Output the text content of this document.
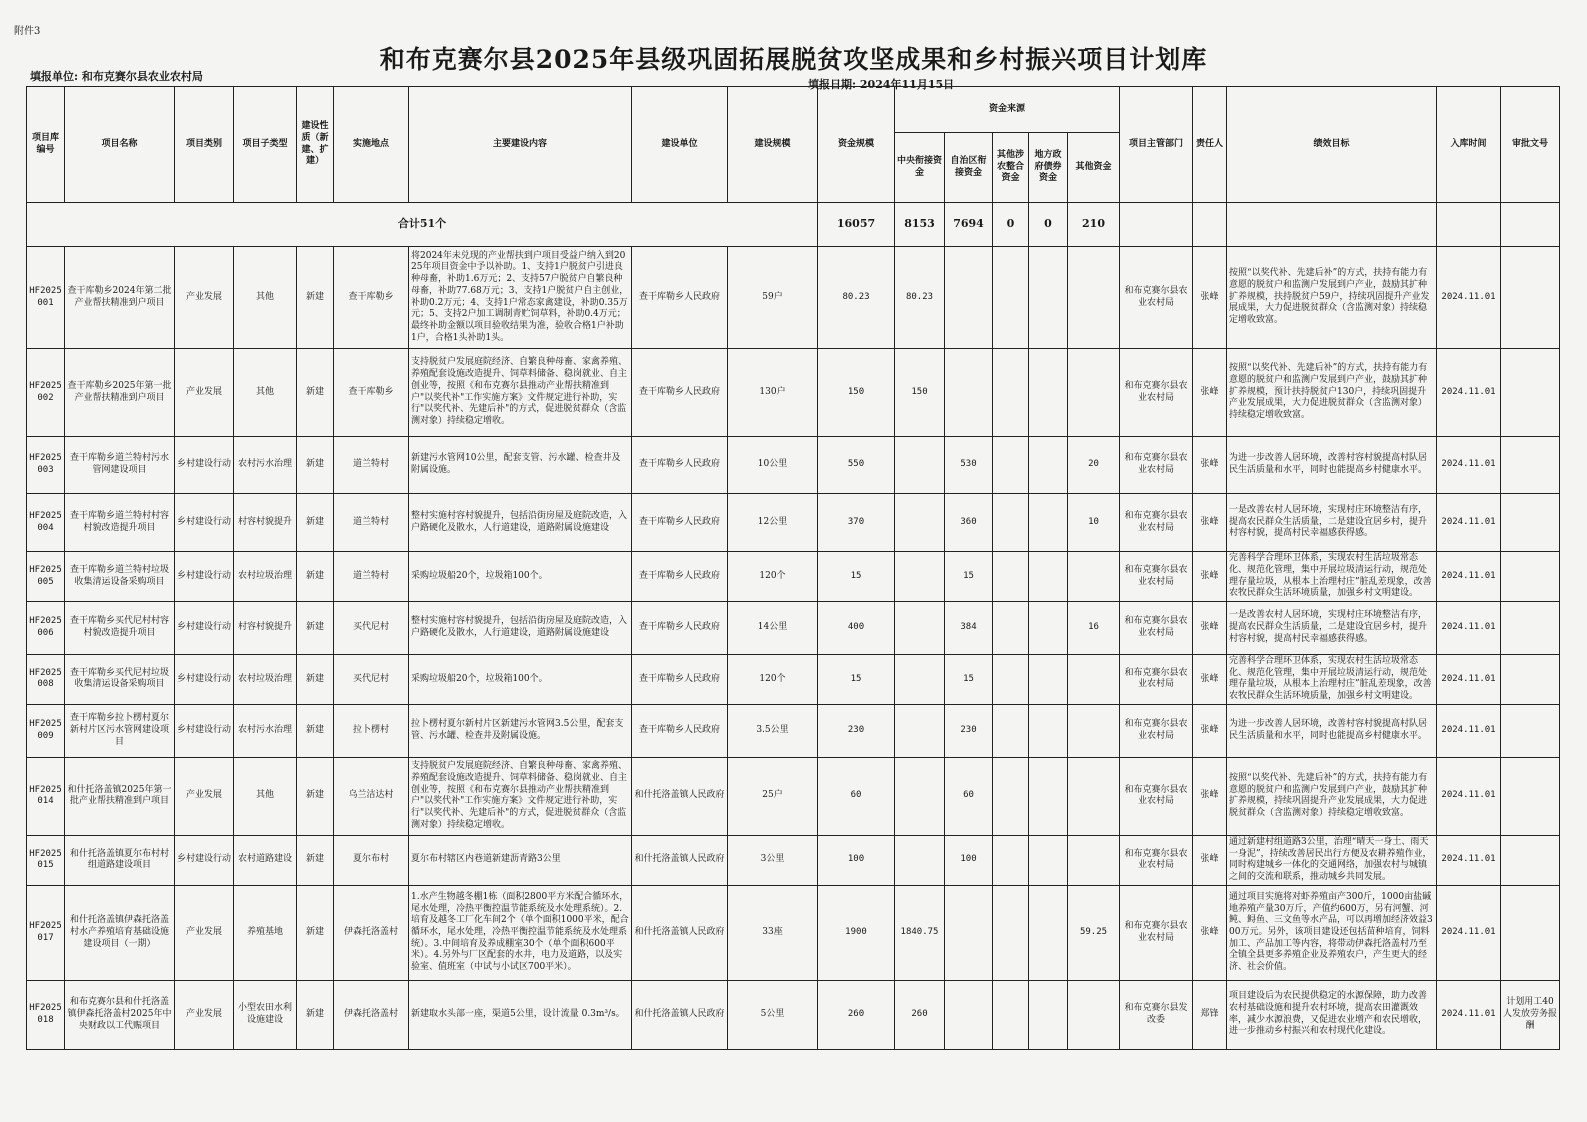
附件3
和布克赛尔县2025年县级巩固拓展脱贫攻坚成果和乡村振兴项目计划库
填报单位: 和布克赛尔县农业农村局
填报日期: 2024年11月15日
项目库编号	项目名称	项目类别	项目子类型	建设性质（新建、扩建）	实施地点	主要建设内容	建设单位	建设规模	资金规模	资金来源					项目主管部门	责任人	绩效目标	入库时间	审批文号
										中央衔接资金	自治区衔接资金	其他涉农整合资金	地方政府债券资金	其他资金					
合计51个									16057	8153	7694	0	0	210					
HF2025001	查干库勒乡2024年第二批产业帮扶精准到户项目	产业发展	其他	新建	查干库勒乡	将2024年未兑现的产业帮扶到户项目受益户纳入到2025年项目资金中予以补助。1、支持1户脱贫户引进良种母畜，补助1.6万元；2、支持57户脱贫户自繁良种母畜，补助77.68万元；3、支持1户脱贫户自主创业，补助0.2万元；4、支持1户常态家禽建设，补助0.35万元；5、支持2户加工调制青贮饲草料，补助0.4万元；最终补助金额以项目验收结果为准，验收合格1户补助1户，合格1头补助1头。	查干库勒乡人民政府	59户	80.23	80.23					和布克赛尔县农业农村局	张峰	按照“以奖代补、先建后补”的方式，扶持有能力有意愿的脱贫户和监测户发展到户产业，鼓励其扩种扩养规模，扶持脱贫户59户，持续巩固提升产业发展成果，大力促进脱贫群众（含监测对象）持续稳定增收致富。	2024.11.01	
HF2025002	查干库勒乡2025年第一批产业帮扶精准到户项目	产业发展	其他	新建	查干库勒乡	支持脱贫户发展庭院经济、自繁良种母畜、家禽养殖、养殖配套设施改造提升、饲草料储备、稳岗就业、自主创业等，按照《和布克赛尔县推动产业帮扶精准到户"以奖代补"工作实施方案》文件规定进行补助，实行"以奖代补、先建后补"的方式，促进脱贫群众（含监测对象）持续稳定增收。	查干库勒乡人民政府	130户	150	150					和布克赛尔县农业农村局	张峰	按照“以奖代补、先建后补”的方式，扶持有能力有意愿的脱贫户和监测户发展到户产业，鼓励其扩种扩养规模，预计扶持脱贫户130户，持续巩固提升产业发展成果，大力促进脱贫群众（含监测对象）持续稳定增收致富。	2024.11.01	
HF2025003	查干库勒乡道兰特村污水管网建设项目	乡村建设行动	农村污水治理	新建	道兰特村	新建污水管网10公里，配套支管、污水罐、检查井及附属设施。	查干库勒乡人民政府	10公里	550		530			20	和布克赛尔县农业农村局	张峰	为进一步改善人居环境，改善村容村貌提高村队居民生活质量和水平，同时也能提高乡村健康水平。	2024.11.01	
HF2025004	查干库勒乡道兰特村村容村貌改造提升项目	乡村建设行动	村容村貌提升	新建	道兰特村	整村实施村容村貌提升，包括沿街房屋及庭院改造，入户路硬化及散水，人行道建设，道路附属设施建设	查干库勒乡人民政府	12公里	370		360			10	和布克赛尔县农业农村局	张峰	一是改善农村人居环境，实现村庄环境整洁有序，提高农民群众生活质量，二是建设宜居乡村，提升村容村貌，提高村民幸福感获得感。	2024.11.01	
HF2025005	查干库勒乡道兰特村垃圾收集清运设备采购项目	乡村建设行动	农村垃圾治理	新建	道兰特村	采购垃圾船20个，垃圾箱100个。	查干库勒乡人民政府	120个	15		15				和布克赛尔县农业农村局	张峰	完善科学合理环卫体系，实现农村生活垃圾常态化、规范化管理，集中开展垃圾清运行动，规范处理存量垃圾，从根本上治理村庄”脏乱差现象，改善农牧民群众生活环境质量，加强乡村文明建设。	2024.11.01	
HF2025006	查干库勒乡买代尼村村容村貌改造提升项目	乡村建设行动	村容村貌提升	新建	买代尼村	整村实施村容村貌提升，包括沿街房屋及庭院改造，入户路硬化及散水，人行道建设，道路附属设施建设	查干库勒乡人民政府	14公里	400		384			16	和布克赛尔县农业农村局	张峰	一是改善农村人居环境，实现村庄环境整洁有序，提高农民群众生活质量，二是建设宜居乡村，提升村容村貌，提高村民幸福感获得感。	2024.11.01	
HF2025008	查干库勒乡买代尼村垃圾收集清运设备采购项目	乡村建设行动	农村垃圾治理	新建	买代尼村	采购垃圾船20个，垃圾箱100个。	查干库勒乡人民政府	120个	15		15				和布克赛尔县农业农村局	张峰	完善科学合理环卫体系，实现农村生活垃圾常态化、规范化管理，集中开展垃圾清运行动，规范处理存量垃圾，从根本上治理村庄”脏乱差现象，改善农牧民群众生活环境质量，加强乡村文明建设。	2024.11.01	
HF2025009	查干库勒乡拉卜楞村夏尔新村片区污水管网建设项目	乡村建设行动	农村污水治理	新建	拉卜楞村	拉卜楞村夏尔新村片区新建污水管网3.5公里，配套支管、污水罐、检查井及附属设施。	查干库勒乡人民政府	3.5公里	230		230				和布克赛尔县农业农村局	张峰	为进一步改善人居环境，改善村容村貌提高村队居民生活质量和水平，同时也能提高乡村健康水平。	2024.11.01	
HF2025014	和什托洛盖镇2025年第一批产业帮扶精准到户项目	产业发展	其他	新建	乌兰洁达村	支持脱贫户发展庭院经济、自繁良种母畜、家禽养殖、养殖配套设施改造提升、饲草料储备、稳岗就业、自主创业等，按照《和布克赛尔县推动产业帮扶精准到户"以奖代补"工作实施方案》文件规定进行补助，实行"以奖代补、先建后补"的方式，促进脱贫群众（含监测对象）持续稳定增收。	和什托洛盖镇人民政府	25户	60		60				和布克赛尔县农业农村局	张峰	按照“以奖代补、先建后补”的方式，扶持有能力有意愿的脱贫户和监测户发展到户产业，鼓励其扩种扩养规模，持续巩固提升产业发展成果，大力促进脱贫群众（含监测对象）持续稳定增收致富。	2024.11.01	
HF2025015	和什托洛盖镇夏尔布村村组道路建设项目	乡村建设行动	农村道路建设	新建	夏尔布村	夏尔布村辖区内巷道新建沥青路3公里	和什托洛盖镇人民政府	3公里	100		100				和布克赛尔县农业农村局	张峰	通过新建村组道路3公里，治理“晴天一身土、雨天一身泥”，持续改善居民出行方便及农耕养殖作业，同时构建城乡一体化的交通网络，加强农村与城镇之间的交流和联系，推动城乡共同发展。	2024.11.01	
HF2025017	和什托洛盖镇伊森托洛盖村水产养殖培育基础设施建设项目（一期）	产业发展	养殖基地	新建	伊森托洛盖村	1.水产生物越冬棚1栋（面积2800平方米配合循环水，尾水处理，冷热平衡控温节能系统及水处理系统）。2.培育及越冬工厂化车间2个（单个面积1000平米，配合循环水，尾水处理，冷热平衡控温节能系统及水处理系统）。3.中间培育及养成棚室30个（单个面积600平米）。4.另外与厂区配套的水井，电力及道路，以及实验室、值班室（中试与小试区700平米）。	和什托洛盖镇人民政府	33座	1900	1840.75				59.25	和布克赛尔县农业农村局	张峰	通过项目实施将对虾养殖亩产300斤，1000亩盐碱地养殖产量30万斤，产值约600万，另有河蟹、河鲀、鲟鱼、三文鱼等水产品，可以再增加经济效益300万元。另外，该项目建设还包括苗种培育，饲料加工、产品加工等内容，将带动伊森托洛盖村乃至全镇全县更多养殖企业及养殖农户，产生更大的经济、社会价值。	2024.11.01	
HF2025018	和布克赛尔县和什托洛盖镇伊森托洛盖村2025年中央财政以工代赈项目	产业发展	小型农田水利设施建设	新建	伊森托洛盖村	新建取水头部一座，渠道5公里，设计流量 0.3m³/s。	和什托洛盖镇人民政府	5公里	260	260					和布克赛尔县发改委	郑锋	项目建设后为农民提供稳定的水源保障，助力改善农村基础设施和提升农村环境，提高农田灌溉效率，减少水源浪费，又促进农业增产和农民增收，进一步推动乡村振兴和农村现代化建设。	2024.11.01	计划用工40人发放劳务报酬
